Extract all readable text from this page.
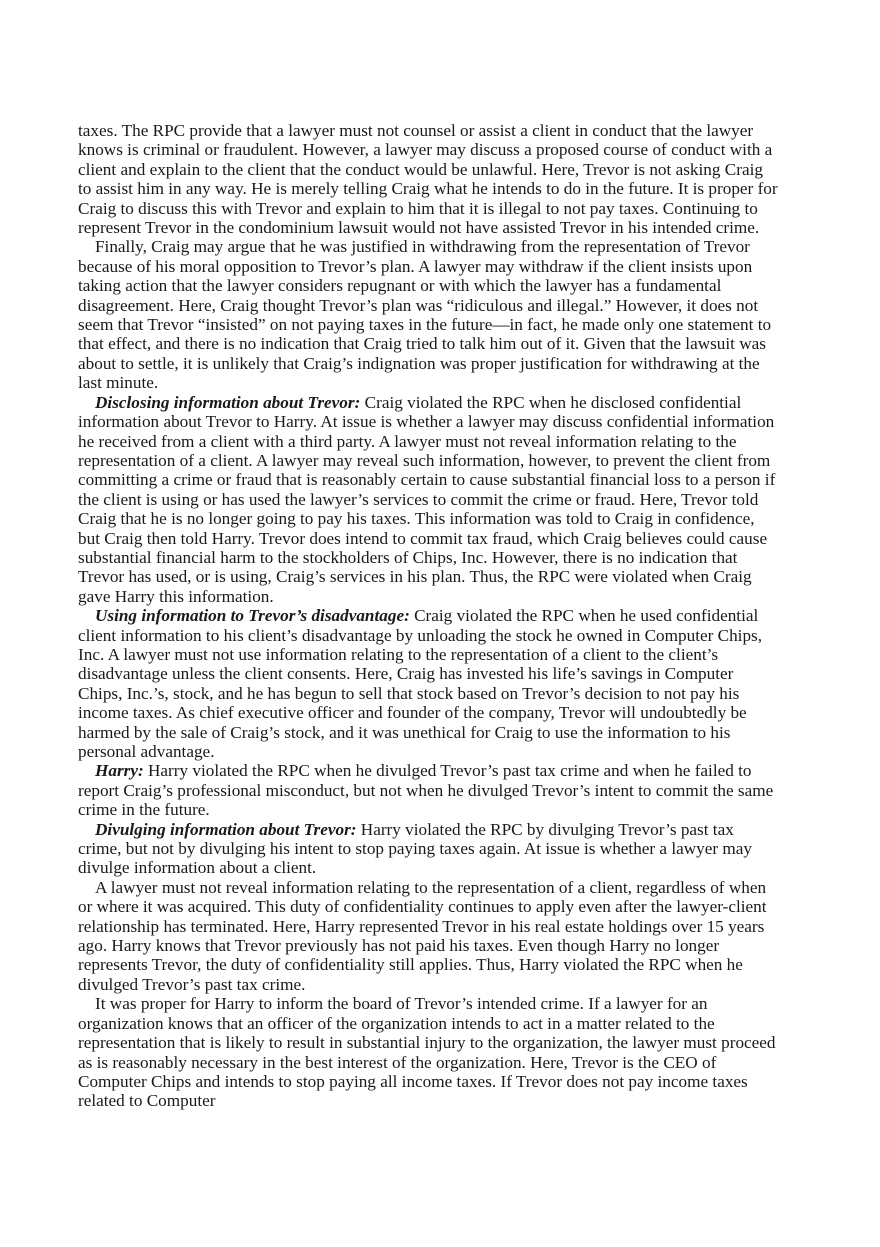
taxes. The RPC provide that a lawyer must not counsel or assist a client in conduct that the lawyer knows is criminal or fraudulent. However, a lawyer may discuss a proposed course of conduct with a client and explain to the client that the conduct would be unlawful. Here, Trevor is not asking Craig to assist him in any way. He is merely telling Craig what he intends to do in the future. It is proper for Craig to discuss this with Trevor and explain to him that it is illegal to not pay taxes. Continuing to represent Trevor in the condominium lawsuit would not have assisted Trevor in his intended crime.

Finally, Craig may argue that he was justified in withdrawing from the representation of Trevor because of his moral opposition to Trevor’s plan. A lawyer may withdraw if the client insists upon taking action that the lawyer considers repugnant or with which the lawyer has a fundamental disagreement. Here, Craig thought Trevor’s plan was “ridiculous and illegal.” However, it does not seem that Trevor “insisted” on not paying taxes in the future—in fact, he made only one statement to that effect, and there is no indication that Craig tried to talk him out of it. Given that the lawsuit was about to settle, it is unlikely that Craig’s indignation was proper justification for withdrawing at the last minute.

Disclosing information about Trevor: Craig violated the RPC when he disclosed confidential information about Trevor to Harry. At issue is whether a lawyer may discuss confidential information he received from a client with a third party. A lawyer must not reveal information relating to the representation of a client. A lawyer may reveal such information, however, to prevent the client from committing a crime or fraud that is reasonably certain to cause substantial financial loss to a person if the client is using or has used the lawyer’s services to commit the crime or fraud. Here, Trevor told Craig that he is no longer going to pay his taxes. This information was told to Craig in confidence, but Craig then told Harry. Trevor does intend to commit tax fraud, which Craig believes could cause substantial financial harm to the stockholders of Chips, Inc. However, there is no indication that Trevor has used, or is using, Craig’s services in his plan. Thus, the RPC were violated when Craig gave Harry this information.

Using information to Trevor’s disadvantage: Craig violated the RPC when he used confidential client information to his client’s disadvantage by unloading the stock he owned in Computer Chips, Inc. A lawyer must not use information relating to the representation of a client to the client’s disadvantage unless the client consents. Here, Craig has invested his life’s savings in Computer Chips, Inc.’s, stock, and he has begun to sell that stock based on Trevor’s decision to not pay his income taxes. As chief executive officer and founder of the company, Trevor will undoubtedly be harmed by the sale of Craig’s stock, and it was unethical for Craig to use the information to his personal advantage.

Harry: Harry violated the RPC when he divulged Trevor’s past tax crime and when he failed to report Craig’s professional misconduct, but not when he divulged Trevor’s intent to commit the same crime in the future.

Divulging information about Trevor: Harry violated the RPC by divulging Trevor’s past tax crime, but not by divulging his intent to stop paying taxes again. At issue is whether a lawyer may divulge information about a client.

A lawyer must not reveal information relating to the representation of a client, regardless of when or where it was acquired. This duty of confidentiality continues to apply even after the lawyer-client relationship has terminated. Here, Harry represented Trevor in his real estate holdings over 15 years ago. Harry knows that Trevor previously has not paid his taxes. Even though Harry no longer represents Trevor, the duty of confidentiality still applies. Thus, Harry violated the RPC when he divulged Trevor’s past tax crime.

It was proper for Harry to inform the board of Trevor’s intended crime. If a lawyer for an organization knows that an officer of the organization intends to act in a matter related to the representation that is likely to result in substantial injury to the organization, the lawyer must proceed as is reasonably necessary in the best interest of the organization. Here, Trevor is the CEO of Computer Chips and intends to stop paying all income taxes. If Trevor does not pay income taxes related to Computer
